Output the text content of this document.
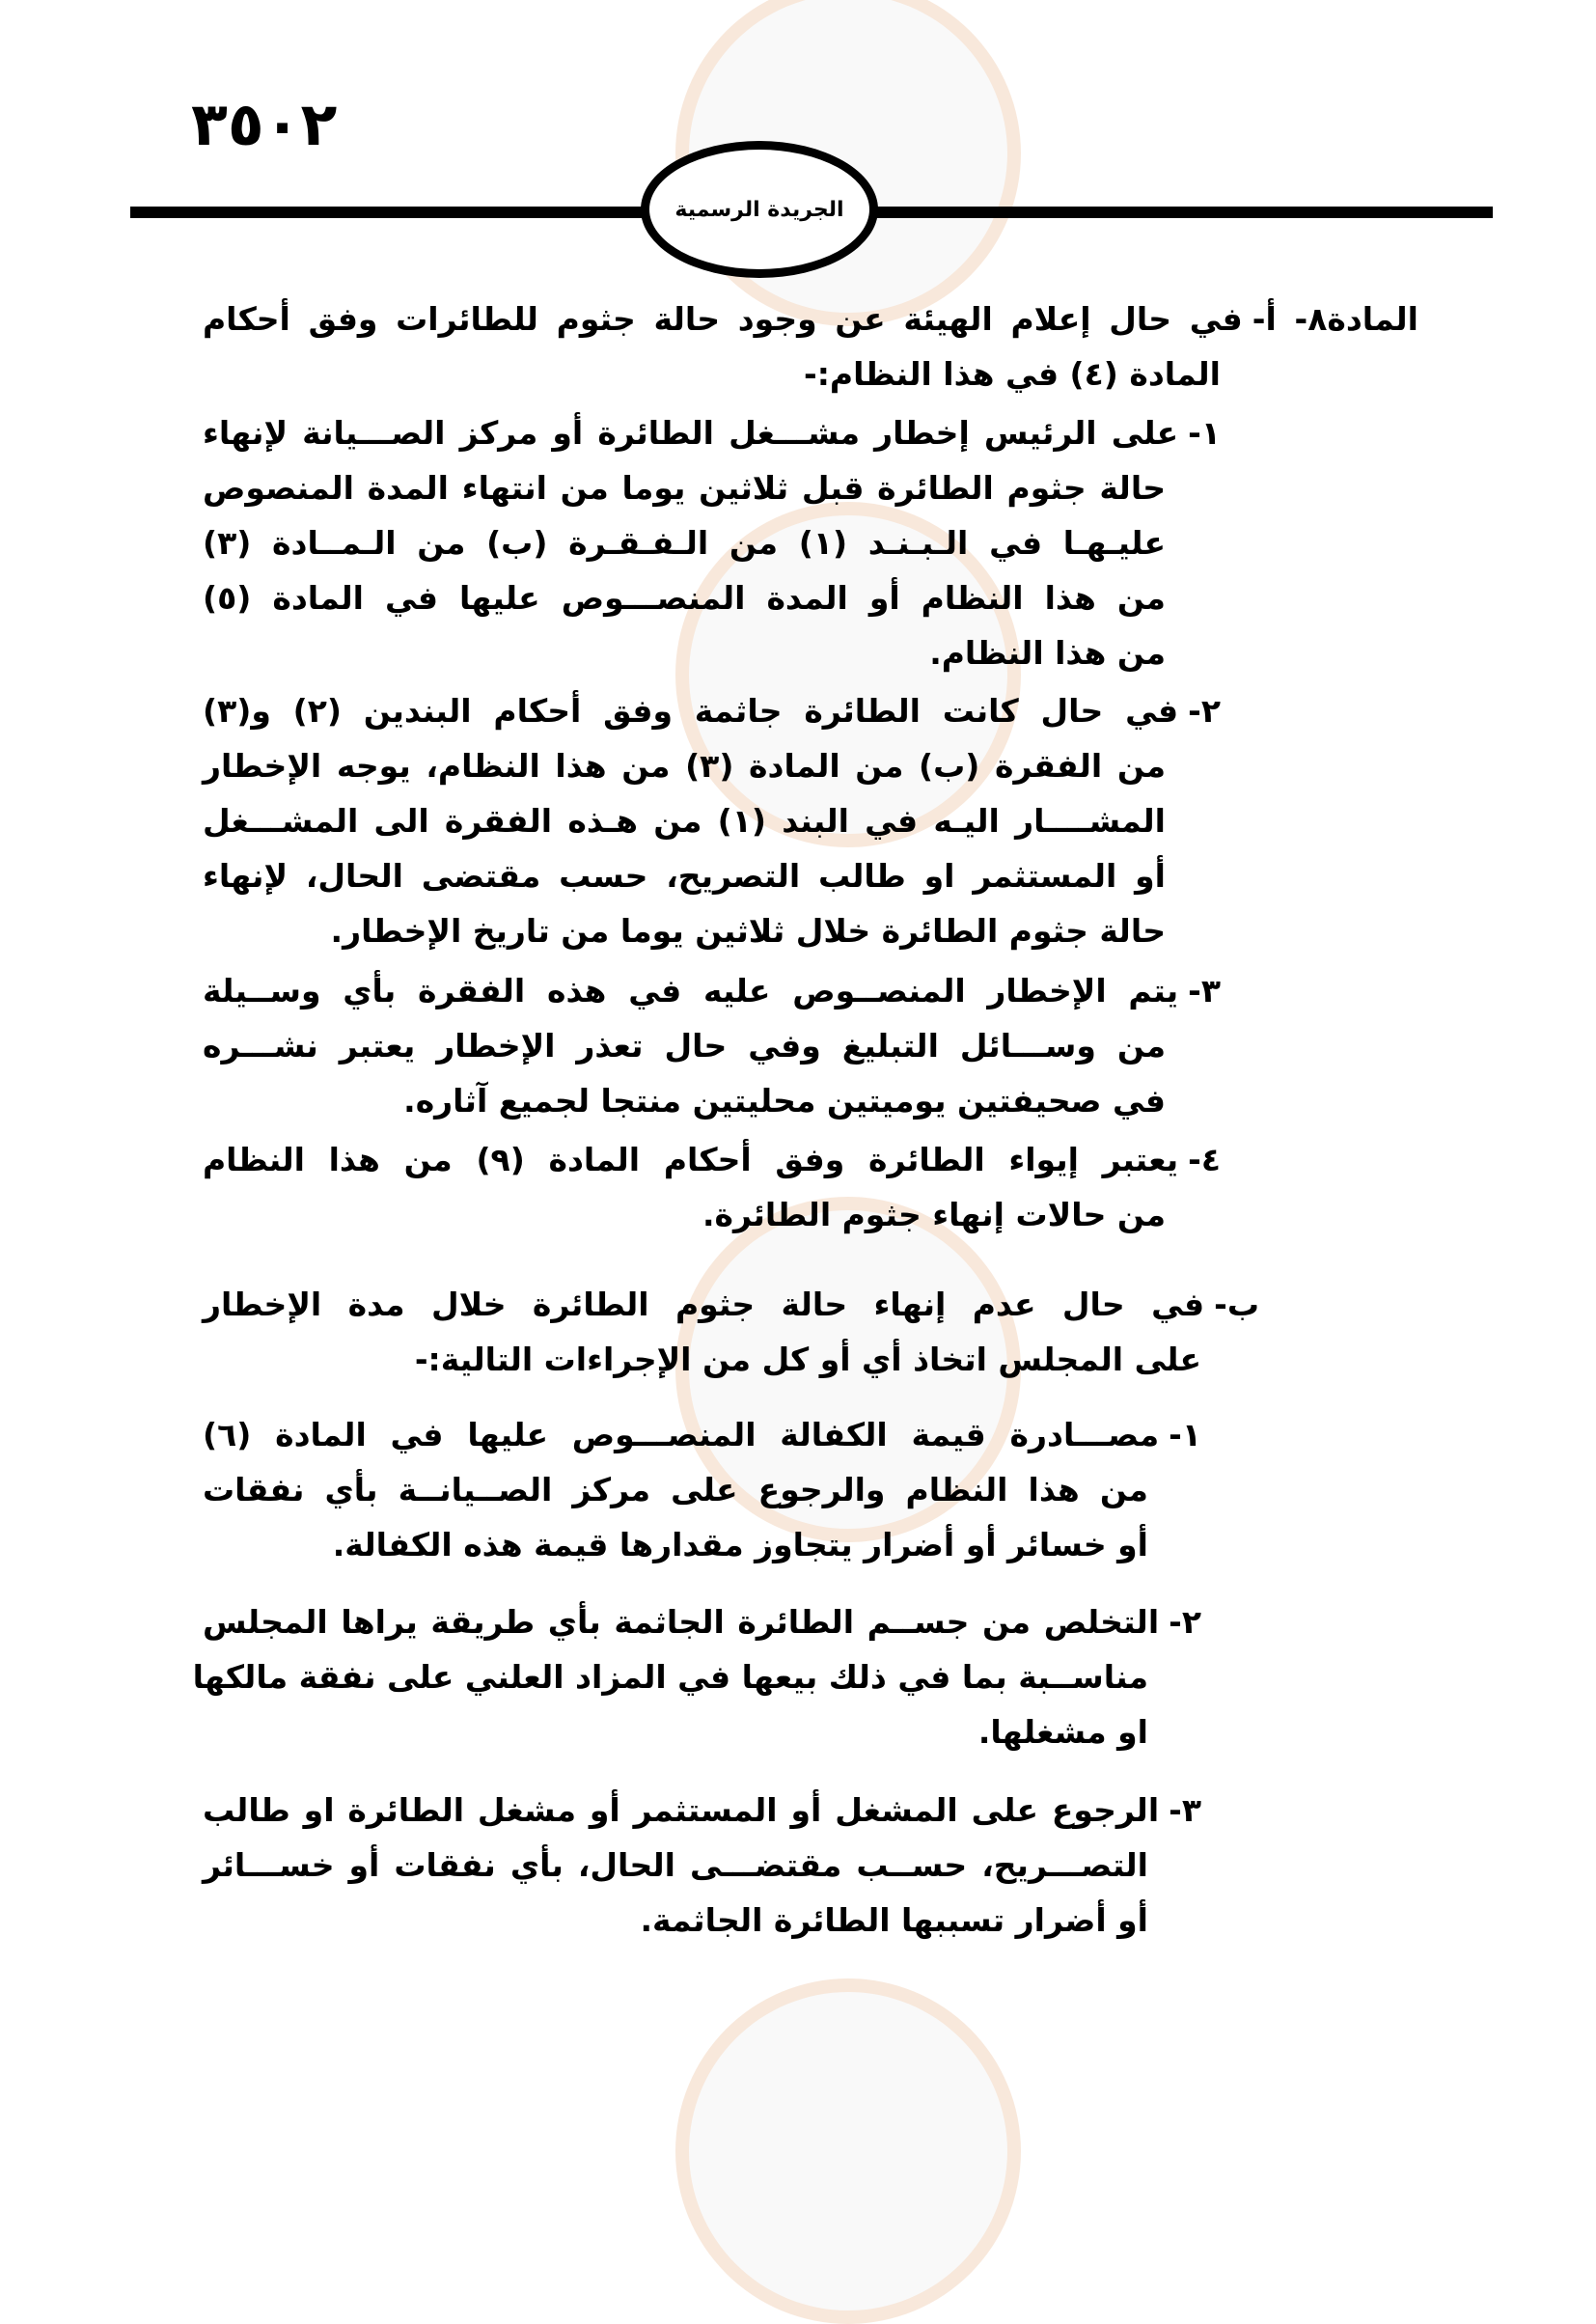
٣٥٠٢
الجريدة الرسمية
المادة٨- أ-في حال إعلام الهيئة عن وجود حالة جثوم للطائرات وفق أحكام
المادة (٤) في هذا النظام:-
١-على الرئيس إخطار مشـــغل الطائرة أو مركز الصـــيانة لإنهاء
حالة جثوم الطائرة قبل ثلاثين يوما من انتهاء المدة المنصوص
عليـهـا في الـبـنـد (١) من الـفـقـرة (ب) من الـمــادة (٣)
من هذا النظام أو المدة المنصـــوص عليها في المادة (٥)
من هذا النظام.
٢-في حال كانت الطائرة جاثمة وفق أحكام البندين (٢) و(٣)
من الفقرة (ب) من المادة (٣) من هذا النظام، يوجه الإخطار
المشــــار اليـه في البند (١) من هـذه الفقرة الى المشـــغل
أو المستثمر او طالب التصريح، حسب مقتضى الحال، لإنهاء
حالة جثوم الطائرة خلال ثلاثين يوما من تاريخ الإخطار.
٣-يتم الإخطار المنصــوص عليه في هذه الفقرة بأي وســيلة
من وســـائل التبليغ وفي حال تعذر الإخطار يعتبر نشـــره
في صحيفتين يوميتين محليتين منتجا لجميع آثاره.
٤-يعتبر إيواء الطائرة وفق أحكام المادة (٩) من هذا النظام
من حالات إنهاء جثوم الطائرة.
ب-في حال عدم إنهاء حالة جثوم الطائرة خلال مدة الإخطار
على المجلس اتخاذ أي أو كل من الإجراءات التالية:-
١-مصـــادرة قيمة الكفالة المنصـــوص عليها في المادة (٦)
من هذا النظام والرجوع على مركز الصــيانــة بأي نفقات
أو خسائر أو أضرار يتجاوز مقدارها قيمة هذه الكفالة.
٢-التخلص من جســم الطائرة الجاثمة بأي طريقة يراها المجلس
مناســبة بما في ذلك بيعها في المزاد العلني على نفقة مالكها
او مشغلها.
٣-الرجوع على المشغل أو المستثمر أو مشغل الطائرة او طالب
التصـــريح، حســب مقتضـــى الحال، بأي نفقات أو خســـائر
أو أضرار تسببها الطائرة الجاثمة.
